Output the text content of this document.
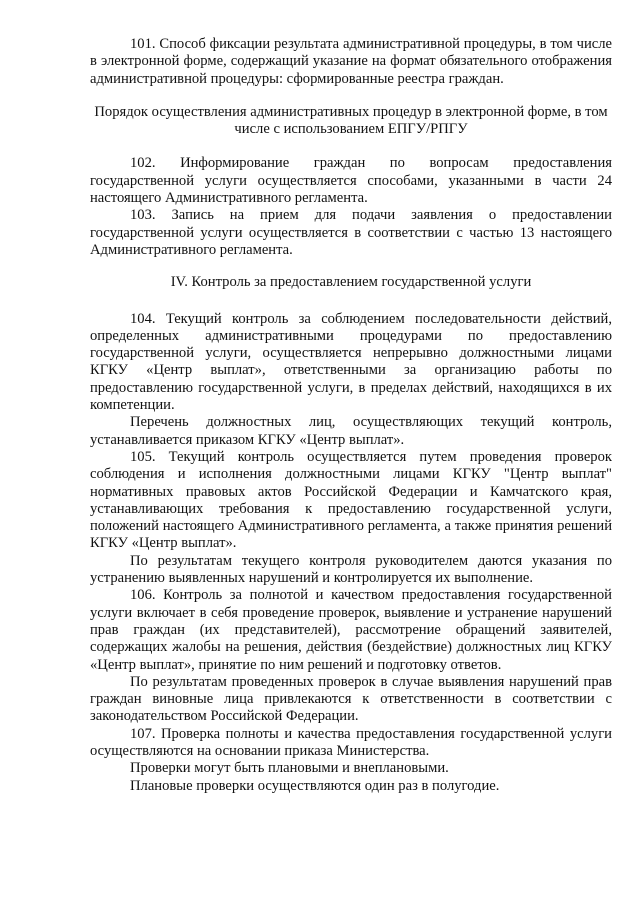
101. Способ фиксации результата административной процедуры, в том числе в электронной форме, содержащий указание на формат обязательного отображения административной процедуры: сформированные реестра граждан.

Порядок осуществления административных процедур в электронной форме, в том числе с использованием ЕПГУ/РПГУ

102. Информирование граждан по вопросам предоставления государственной услуги осуществляется способами, указанными в части 24 настоящего Административного регламента.

103. Запись на прием для подачи заявления о предоставлении государственной услуги осуществляется в соответствии с частью 13 настоящего Административного регламента.

IV. Контроль за предоставлением государственной услуги

104. Текущий контроль за соблюдением последовательности действий, определенных административными процедурами по предоставлению государственной услуги, осуществляется непрерывно должностными лицами КГКУ «Центр выплат», ответственными за организацию работы по предоставлению государственной услуги, в пределах действий, находящихся в их компетенции.

Перечень должностных лиц, осуществляющих текущий контроль, устанавливается приказом КГКУ «Центр выплат».

105. Текущий контроль осуществляется путем проведения проверок соблюдения и исполнения должностными лицами КГКУ "Центр выплат" нормативных правовых актов Российской Федерации и Камчатского края, устанавливающих требования к предоставлению государственной услуги, положений настоящего Административного регламента, а также принятия решений КГКУ «Центр выплат».

По результатам текущего контроля руководителем даются указания по устранению выявленных нарушений и контролируется их выполнение.

106. Контроль за полнотой и качеством предоставления государственной услуги включает в себя проведение проверок, выявление и устранение нарушений прав граждан (их представителей), рассмотрение обращений заявителей, содержащих жалобы на решения, действия (бездействие) должностных лиц КГКУ «Центр выплат», принятие по ним решений и подготовку ответов.

По результатам проведенных проверок в случае выявления нарушений прав граждан виновные лица привлекаются к ответственности в соответствии с законодательством Российской Федерации.

107. Проверка полноты и качества предоставления государственной услуги осуществляются на основании приказа Министерства.

Проверки могут быть плановыми и внеплановыми.

Плановые проверки осуществляются один раз в полугодие.
